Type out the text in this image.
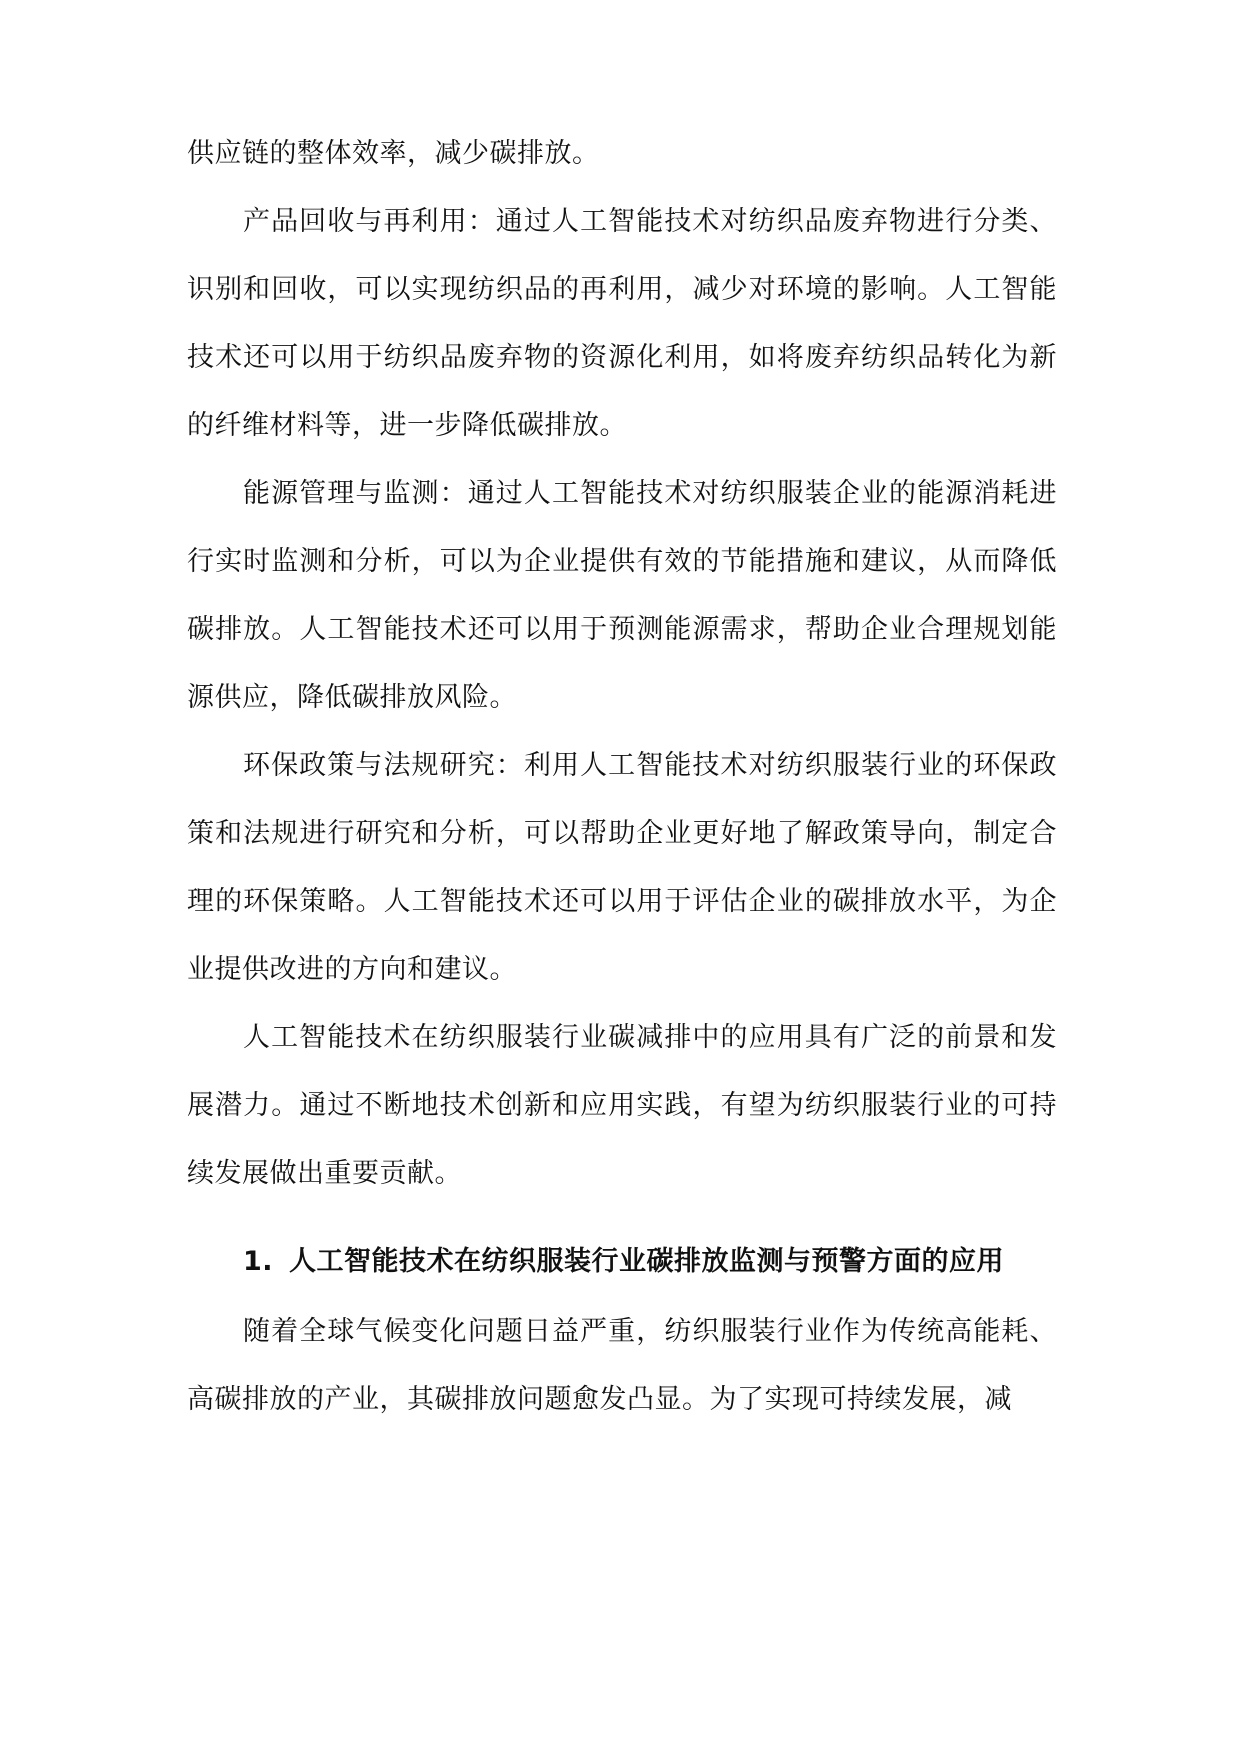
供应链的整体效率，减少碳排放。

产品回收与再利用：通过人工智能技术对纺织品废弃物进行分类、识别和回收，可以实现纺织品的再利用，减少对环境的影响。人工智能技术还可以用于纺织品废弃物的资源化利用，如将废弃纺织品转化为新的纤维材料等，进一步降低碳排放。

能源管理与监测：通过人工智能技术对纺织服装企业的能源消耗进行实时监测和分析，可以为企业提供有效的节能措施和建议，从而降低碳排放。人工智能技术还可以用于预测能源需求，帮助企业合理规划能源供应，降低碳排放风险。

环保政策与法规研究：利用人工智能技术对纺织服装行业的环保政策和法规进行研究和分析，可以帮助企业更好地了解政策导向，制定合理的环保策略。人工智能技术还可以用于评估企业的碳排放水平，为企业提供改进的方向和建议。

人工智能技术在纺织服装行业碳减排中的应用具有广泛的前景和发展潜力。通过不断地技术创新和应用实践，有望为纺织服装行业的可持续发展做出重要贡献。

1. 人工智能技术在纺织服装行业碳排放监测与预警方面的应用

随着全球气候变化问题日益严重，纺织服装行业作为传统高能耗、高碳排放的产业，其碳排放问题愈发凸显。为了实现可持续发展，减
